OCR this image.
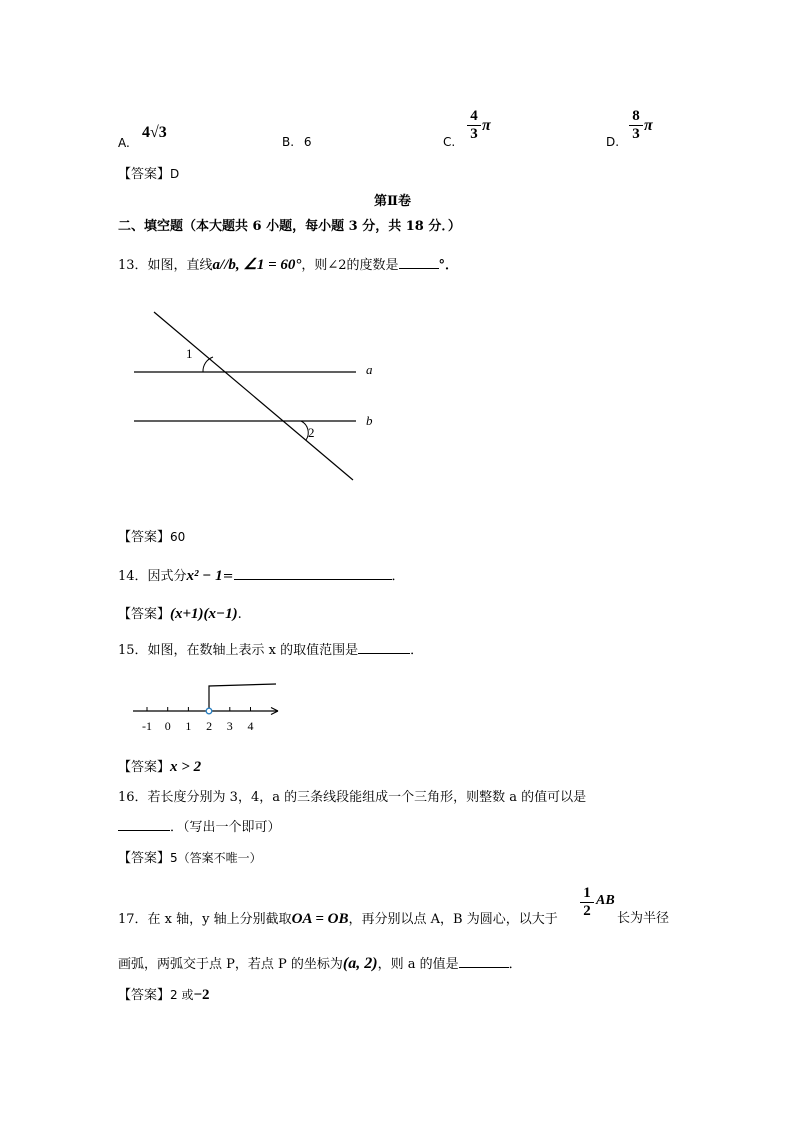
A.
4√3
B. 6	C. $\frac{4}{3}$ π
D. $\frac{8}{3}$ π
【答案】D
第Ⅱ卷
二、填空题（本大题共 6 小题，每小题 3 分，共 18 分．）
13．如图，直线a//b, ∠1 = 60°，则∠2的度数是	°．
1
2
a
b
【答案】60
14．因式分x² − 1=	．
【答案】(x+1)(x−1).
15．如图，在数轴上表示 x 的取值范围是	．
-1 0 1 2 3 4
【答案】x > 2
16．若长度分别为 3，4，a 的三条线段能组成一个三角形，则整数 a 的值可以是
．（写出一个即可）
【答案】5（答案不唯一）
17．在 x 轴，y 轴上分别截取OA = OB，再分别以点 A，B 为圆心，以大于 $\frac{1}{2}$ AB
长为半径
画弧，两弧交于点 P，若点 P 的坐标为(a, 2)，则 a 的值是	．
【答案】2 或−2
